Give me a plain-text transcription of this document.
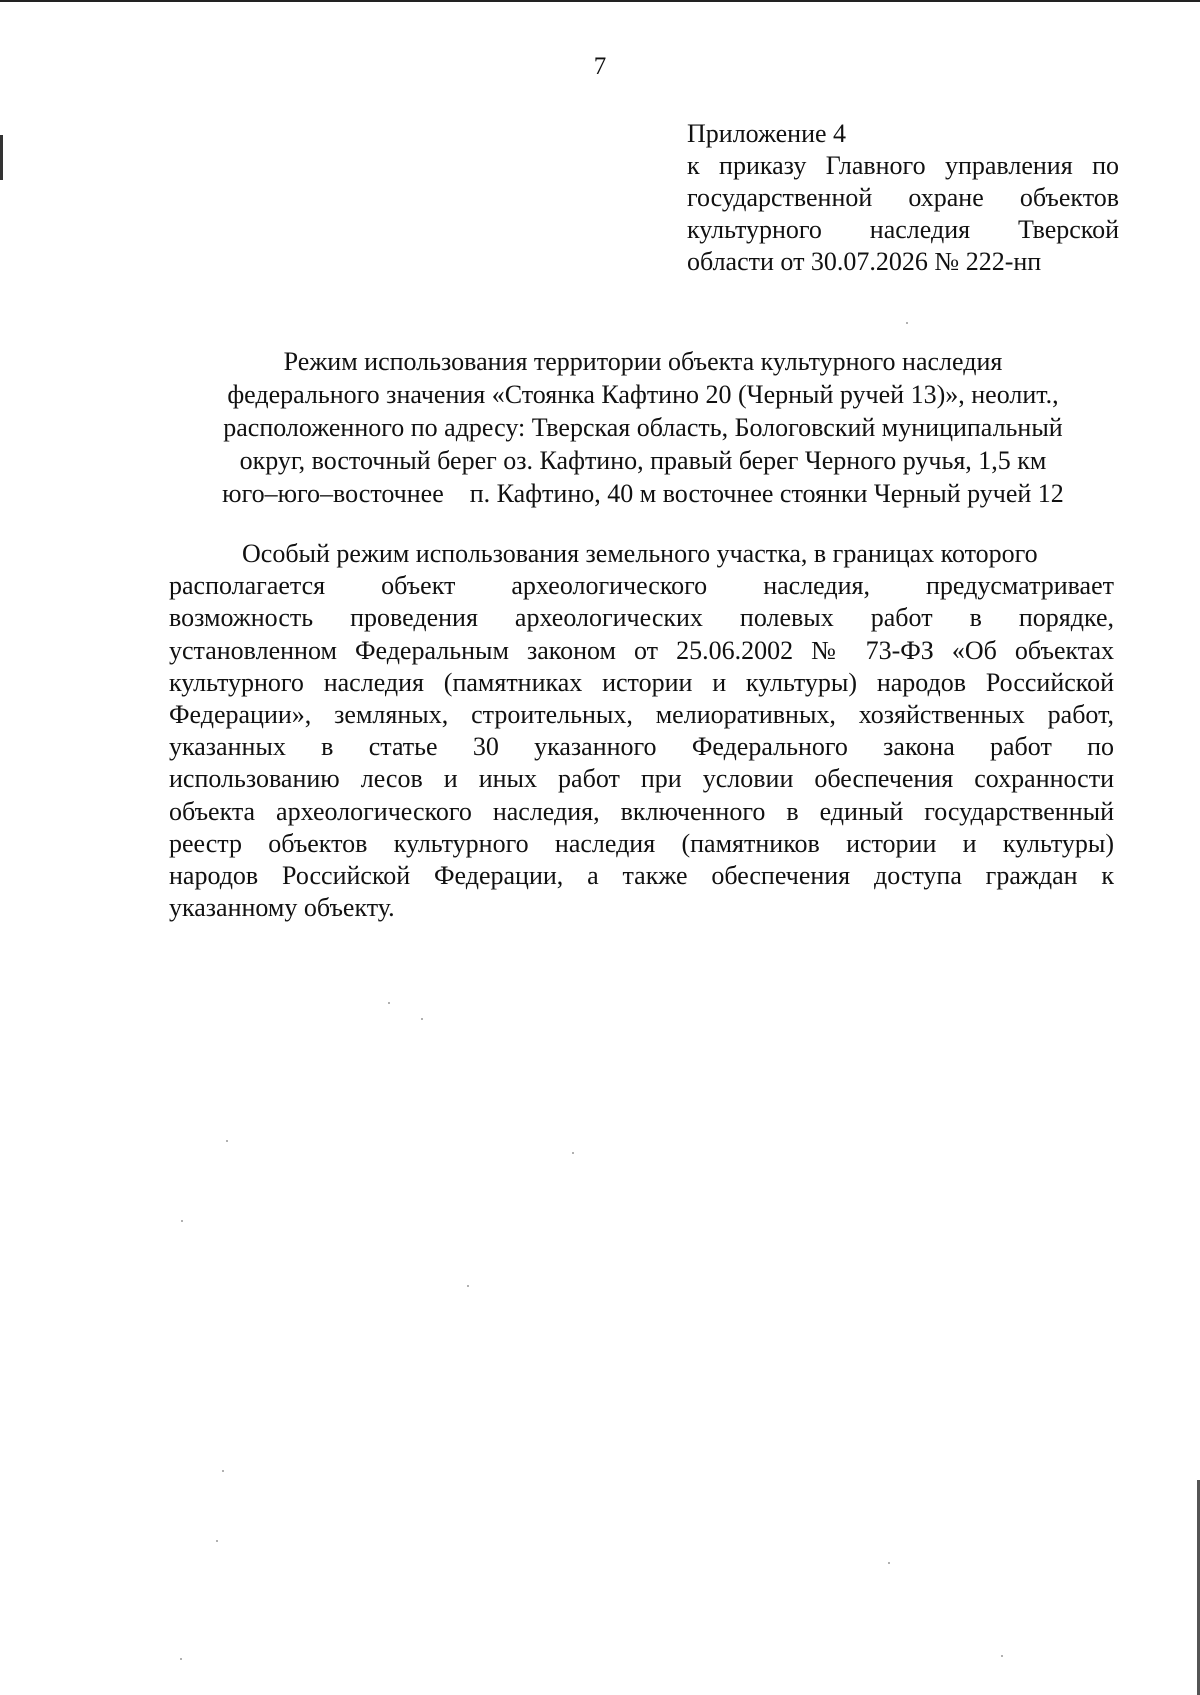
7
Приложение 4
к приказу Главного управления по
государственной охране объектов
культурного наследия Тверской
области от 30.07.2026 № 222-нп
Режим использования территории объекта культурного наследия
федерального значения «Стоянка Кафтино 20 (Черный ручей 13)», неолит.,
расположенного по адресу: Тверская область, Бологовский муниципальный
округ, восточный берег оз. Кафтино, правый берег Черного ручья, 1,5 км
юго–юго–восточнее    п. Кафтино, 40 м восточнее стоянки Черный ручей 12
Особый режим использования земельного участка, в границах которого
располагается объект археологического наследия, предусматривает
возможность проведения археологических полевых работ в порядке,
установленном Федеральным законом от 25.06.2002 № 73-ФЗ «Об объектах
культурного наследия (памятниках истории и культуры) народов Российской
Федерации», земляных, строительных, мелиоративных, хозяйственных работ,
указанных в статье 30 указанного Федерального закона работ по
использованию лесов и иных работ при условии обеспечения сохранности
объекта археологического наследия, включенного в единый государственный
реестр объектов культурного наследия (памятников истории и культуры)
народов Российской Федерации, а также обеспечения доступа граждан к
указанному объекту.
